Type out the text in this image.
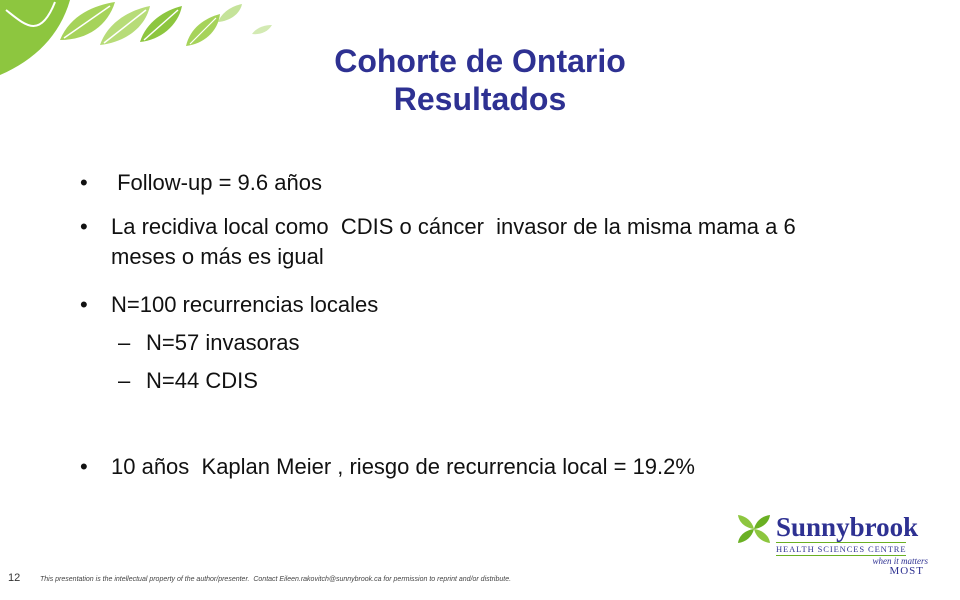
Cohorte de Ontario
Resultados
•	Follow-up = 9.6 años
•	La recidiva local como  CDIS o cáncer  invasor de la misma mama a 6 meses o más es igual
•	N=100 recurrencias locales
– N=57 invasoras
– N=44 CDIS
•	10 años  Kaplan Meier , riesgo de recurrencia local = 19.2%
12	This presentation is the intellectual property of the author/presenter.  Contact Eileen.rakovitch@sunnybrook.ca for permission to reprint and/or distribute.
Sunnybrook
HEALTH SCIENCES CENTRE
when it matters
MOST
